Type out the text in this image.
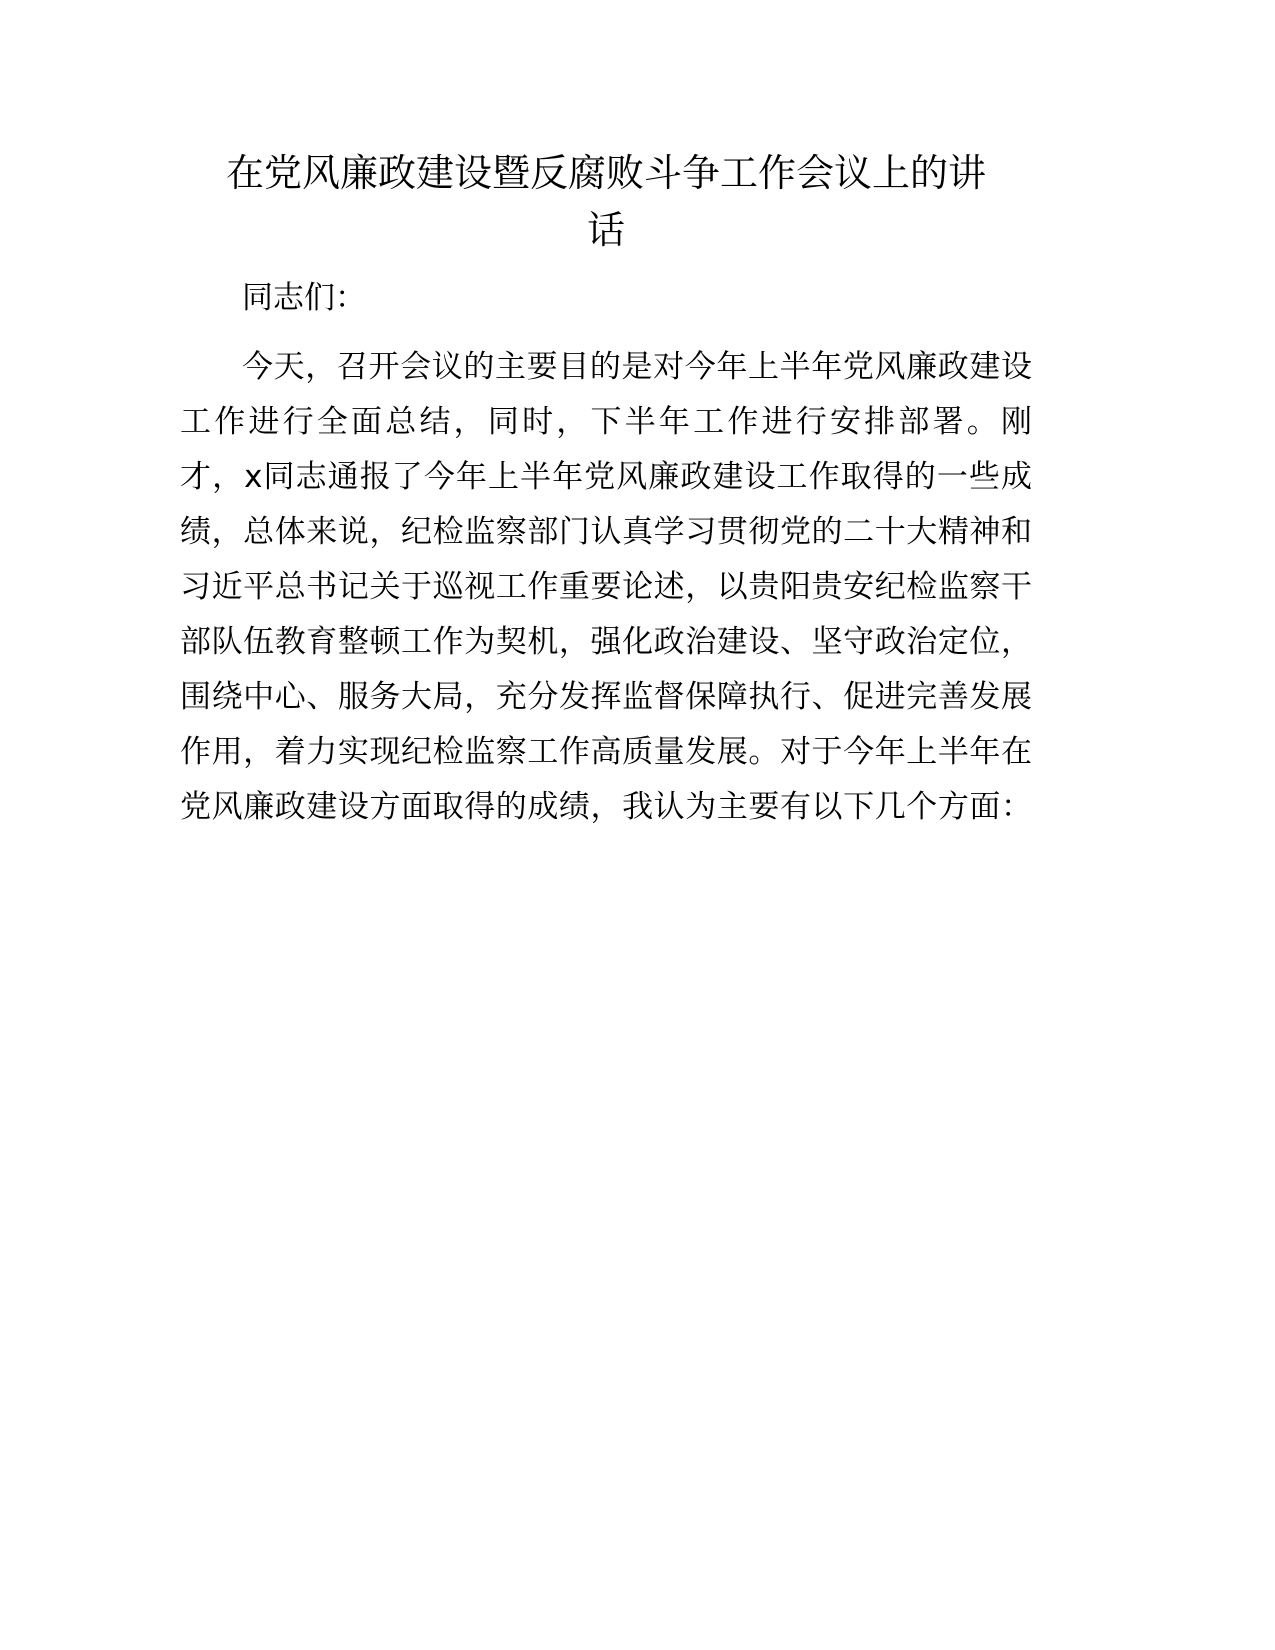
在党风廉政建设暨反腐败斗争工作会议上的讲
话
同志们：
今天，召开会议的主要目的是对今年上半年党风廉政建设
工作进行全面总结，同时，下半年工作进行安排部署。刚
才，x同志通报了今年上半年党风廉政建设工作取得的一些成
绩，总体来说，纪检监察部门认真学习贯彻党的二十大精神和
习近平总书记关于巡视工作重要论述，以贵阳贵安纪检监察干
部队伍教育整顿工作为契机，强化政治建设、坚守政治定位，
围绕中心、服务大局，充分发挥监督保障执行、促进完善发展
作用，着力实现纪检监察工作高质量发展。对于今年上半年在
党风廉政建设方面取得的成绩，我认为主要有以下几个方面：
